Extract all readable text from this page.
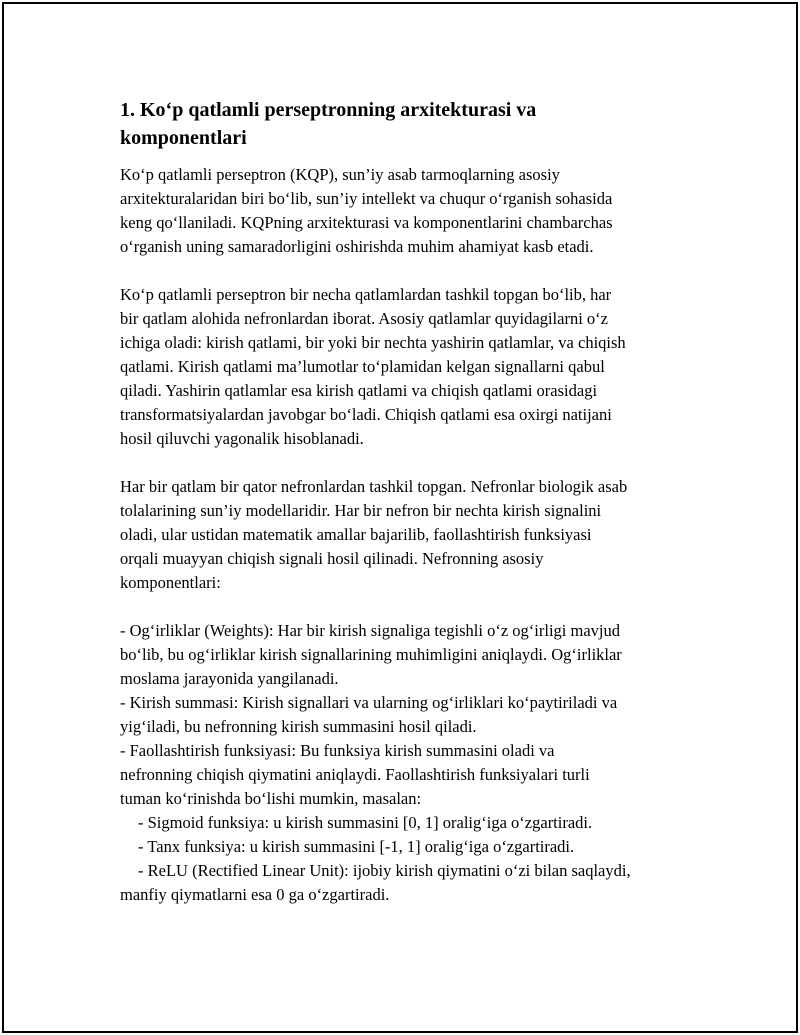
1. Ko‘p qatlamli perseptronning arxitekturasi va
komponentlari

Ko‘p qatlamli perseptron (KQP), sun’iy asab tarmoqlarning asosiy
arxitekturalaridan biri bo‘lib, sun’iy intellekt va chuqur o‘rganish sohasida
keng qo‘llaniladi. KQPning arxitekturasi va komponentlarini chambarchas
o‘rganish uning samaradorligini oshirishda muhim ahamiyat kasb etadi.

Ko‘p qatlamli perseptron bir necha qatlamlardan tashkil topgan bo‘lib, har
bir qatlam alohida nefronlardan iborat. Asosiy qatlamlar quyidagilarni o‘z
ichiga oladi: kirish qatlami, bir yoki bir nechta yashirin qatlamlar, va chiqish
qatlami. Kirish qatlami ma’lumotlar to‘plamidan kelgan signallarni qabul
qiladi. Yashirin qatlamlar esa kirish qatlami va chiqish qatlami orasidagi
transformatsiyalardan javobgar bo‘ladi. Chiqish qatlami esa oxirgi natijani
hosil qiluvchi yagonalik hisoblanadi.

Har bir qatlam bir qator nefronlardan tashkil topgan. Nefronlar biologik asab
tolalarining sun’iy modellaridir. Har bir nefron bir nechta kirish signalini
oladi, ular ustidan matematik amallar bajarilib, faollashtirish funksiyasi
orqali muayyan chiqish signali hosil qilinadi. Nefronning asosiy
komponentlari:

- Og‘irliklar (Weights): Har bir kirish signaliga tegishli o‘z og‘irligi mavjud
bo‘lib, bu og‘irliklar kirish signallarining muhimligini aniqlaydi. Og‘irliklar
moslama jarayonida yangilanadi.
- Kirish summasi: Kirish signallari va ularning og‘irliklari ko‘paytiriladi va
yig‘iladi, bu nefronning kirish summasini hosil qiladi.
- Faollashtirish funksiyasi: Bu funksiya kirish summasini oladi va
nefronning chiqish qiymatini aniqlaydi. Faollashtirish funksiyalari turli
tuman ko‘rinishda bo‘lishi mumkin, masalan:
- Sigmoid funksiya: u kirish summasini [0, 1] oralig‘iga o‘zgartiradi.
- Tanx funksiya: u kirish summasini [-1, 1] oralig‘iga o‘zgartiradi.
- ReLU (Rectified Linear Unit): ijobiy kirish qiymatini o‘zi bilan saqlaydi,
manfiy qiymatlarni esa 0 ga o‘zgartiradi.
